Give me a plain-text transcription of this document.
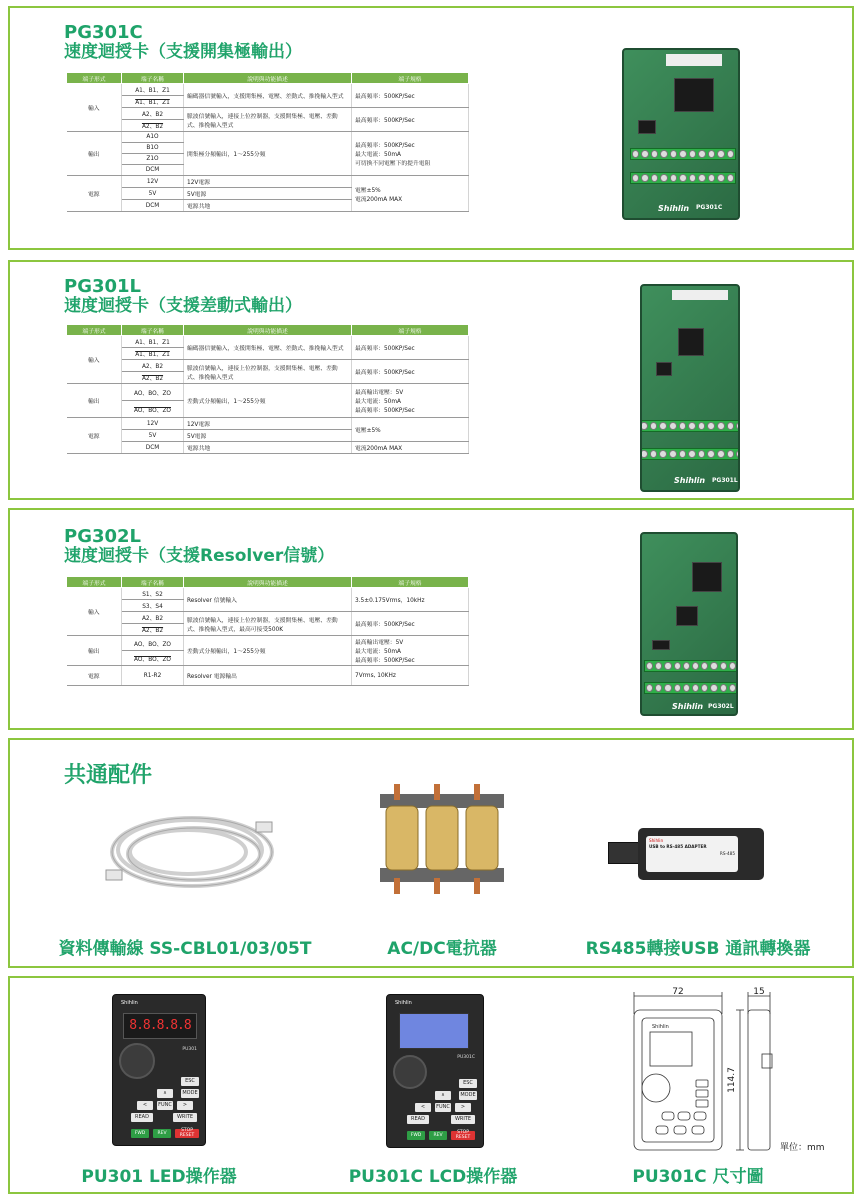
PG301C
速度迴授卡（支援開集極輸出）
端子形式	端子名稱	說明與功能描述	端子規格
輸入	A1、B1、Z1	編碼器信號輸入，支援開集極、電壓、差動式、推挽輸入型式	最高頻率：500KP/Sec
	A1、B1、Z1		
	A2、B2	脈波信號輸入，連接上位控制器，支援開集極、電壓、差動式、推挽輸入型式	最高頻率：500KP/Sec
	A2、B2		
輸出	A1O	開集極分頻輸出，1～255分頻	最高頻率：500KP/Sec
最大電流：50mA
可切換不同電壓下的提升電阻
	B1O		
	Z1O		
	DCM		
電源	12V	12V電源	電壓±5%
電流200mA MAX
	5V	5V電源	
	DCM	電源共地		Shihlin PG301C
PG301L
速度迴授卡（支援差動式輸出）
端子形式	端子名稱	說明與功能描述	端子規格
輸入	A1、B1、Z1	編碼器信號輸入，支援開集極、電壓、差動式、推挽輸入型式	最高頻率：500KP/Sec
	A1、B1、Z1		
	A2、B2	脈波信號輸入，連接上位控制器，支援開集極、電壓、差動式、推挽輸入型式	最高頻率：500KP/Sec
	A2、B2		
輸出	AO、BO、ZO	差動式分頻輸出，1～255分頻	最高輸出電壓：5V
最大電流：50mA
最高頻率：500KP/Sec
	AO、BO、ZO		
電源	12V	12V電源	電壓±5%
	5V	5V電源	
	DCM	電源共地	電流200mA MAX
Shihlin PG301L
PG302L
速度迴授卡（支援Resolver信號）
端子形式	端子名稱	說明與功能描述	端子規格
輸入	S1、S2	Resolver 信號輸入	3.5±0.175Vrms，10kHz
	S3、S4		
	A2、B2	脈波信號輸入，連接上位控制器，支援開集極、電壓、差動式、推挽輸入型式，最高可接受500K	最高頻率：500KP/Sec
	A2、B2		
輸出	AO、BO、ZO	差動式分頻輸出，1～255分頻	最高輸出電壓：5V
最大電流：50mA
最高頻率：500KP/Sec
	AO、BO、ZO		
電源	R1-R2	Resolver 電源輸出	7Vrms, 10KHz
Shihlin PG302L
共通配件
Shihlin
USB to RS-485 ADAPTER
RS-485
資料傳輸線 SS-CBL01/03/05T	AC/DC電抗器	RS485轉接USB 通訊轉換器
Shihlin
8.8.8.8.8
PU301
ESC
∧	MODE
<	FUNC	>
READ	WRITE
FWD	REV
STOP RESET
Shihlin
PU301C
ESC
∧	MODE
<	FUNC	>
READ	WRITE
FWD	REV
STOP RESET
72	15
114.7
Shihlin
單位：mm
PU301 LED操作器	PU301C LCD操作器	PU301C 尺寸圖
